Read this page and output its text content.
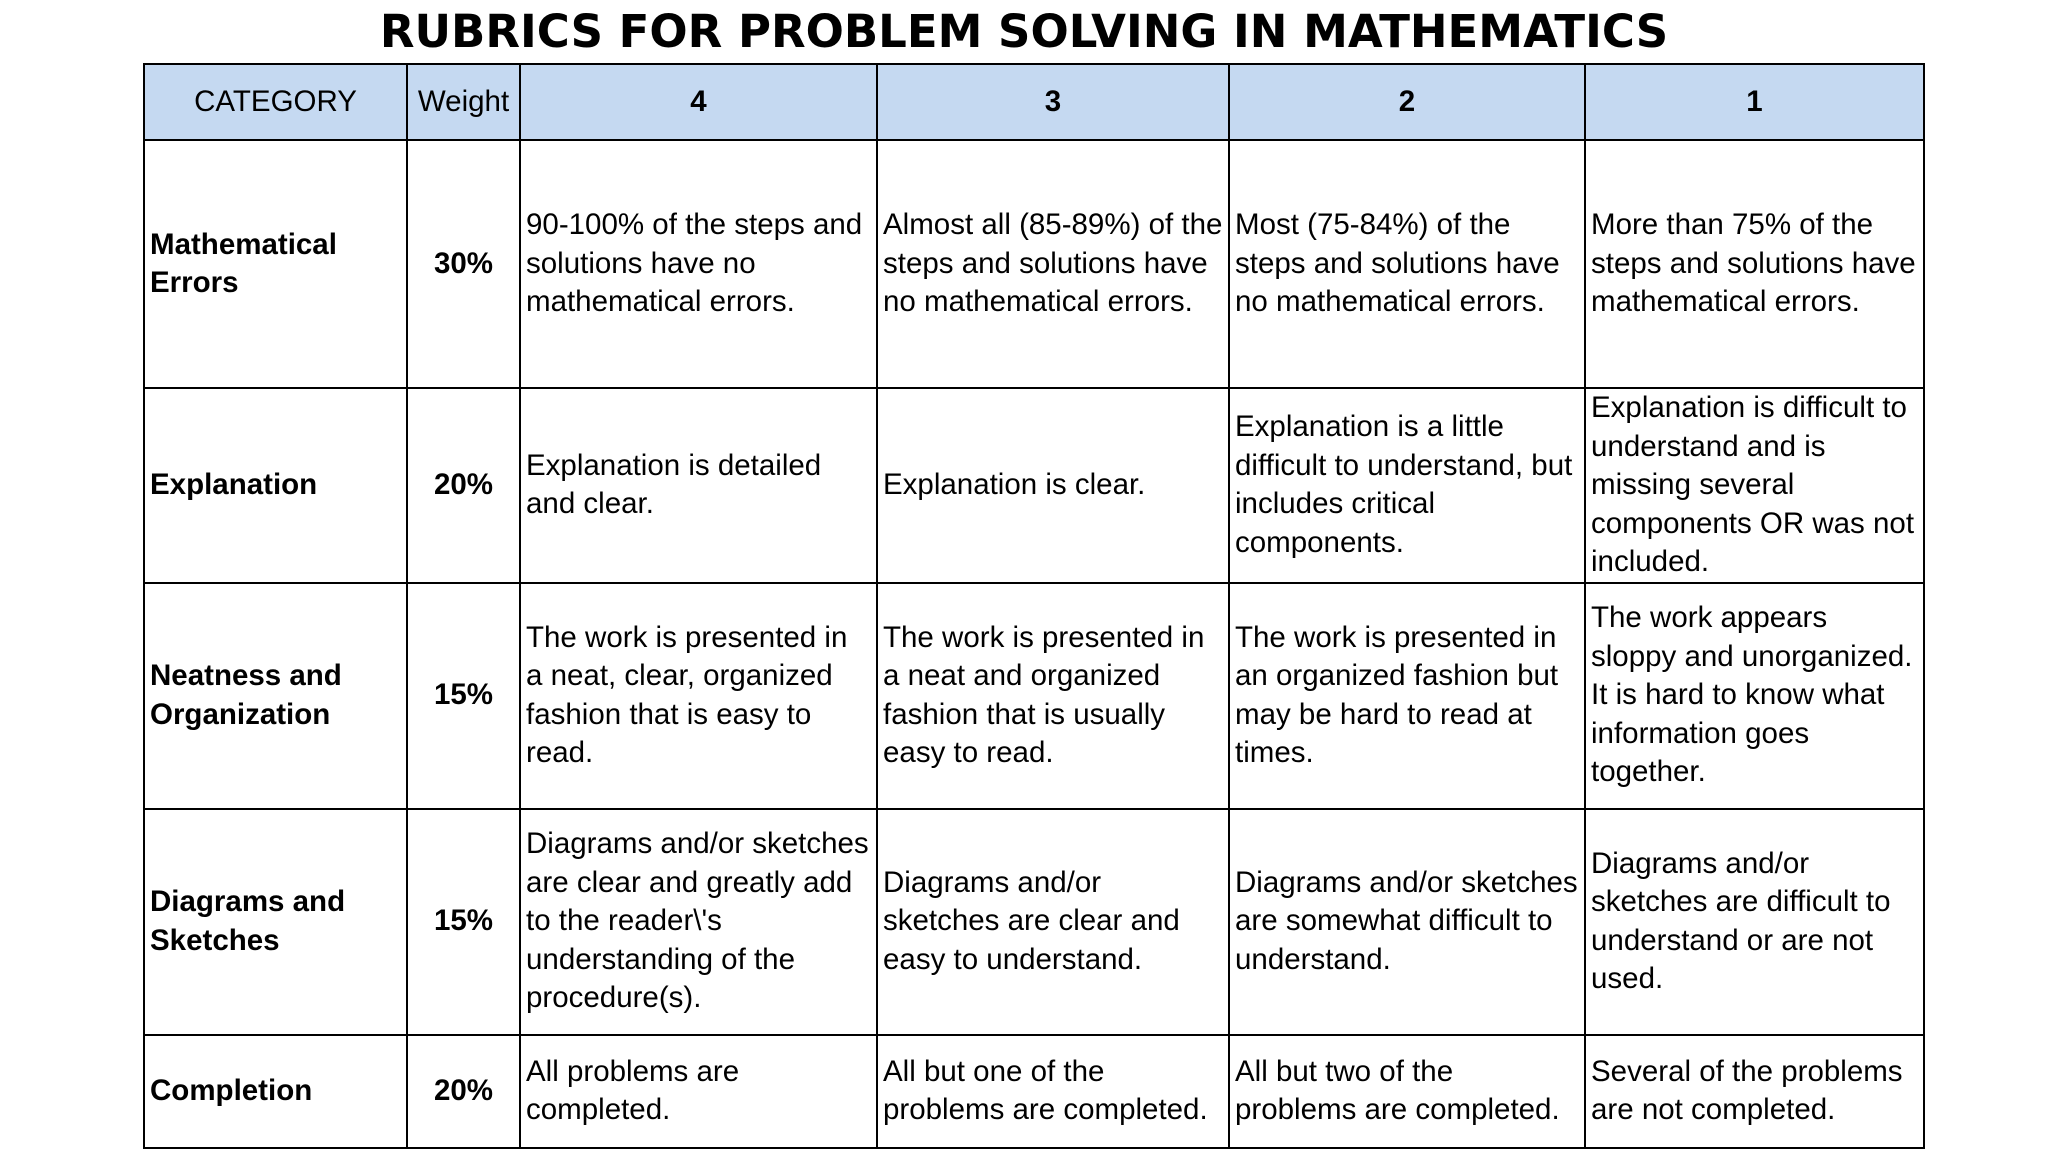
RUBRICS FOR PROBLEM SOLVING IN MATHEMATICS
CATEGORY	Weight	4	3	2	1
Mathematical Errors	30%	90-100% of the steps and solutions have no mathematical errors.	Almost all (85-89%) of the steps and solutions have no mathematical errors.	Most (75-84%) of the steps and solutions have no mathematical errors.	More than 75% of the steps and solutions have mathematical errors.
Explanation	20%	Explanation is detailed and clear.	Explanation is clear.	Explanation is a little difficult to understand, but includes critical components.	Explanation is difficult to understand and is missing several components OR was not included.
Neatness and Organization	15%	The work is presented in a neat, clear, organized fashion that is easy to read.	The work is presented in a neat and organized fashion that is usually easy to read.	The work is presented in an organized fashion but may be hard to read at times.	The work appears sloppy and unorganized. It is hard to know what information goes together.
Diagrams and Sketches	15%	Diagrams and/or sketches are clear and greatly add to the reader\'s understanding of the procedure(s).	Diagrams and/or sketches are clear and easy to understand.	Diagrams and/or sketches are somewhat difficult to understand.	Diagrams and/or sketches are difficult to understand or are not used.
Completion	20%	All problems are completed.	All but one of the problems are completed.	All but two of the problems are completed.	Several of the problems are not completed.
